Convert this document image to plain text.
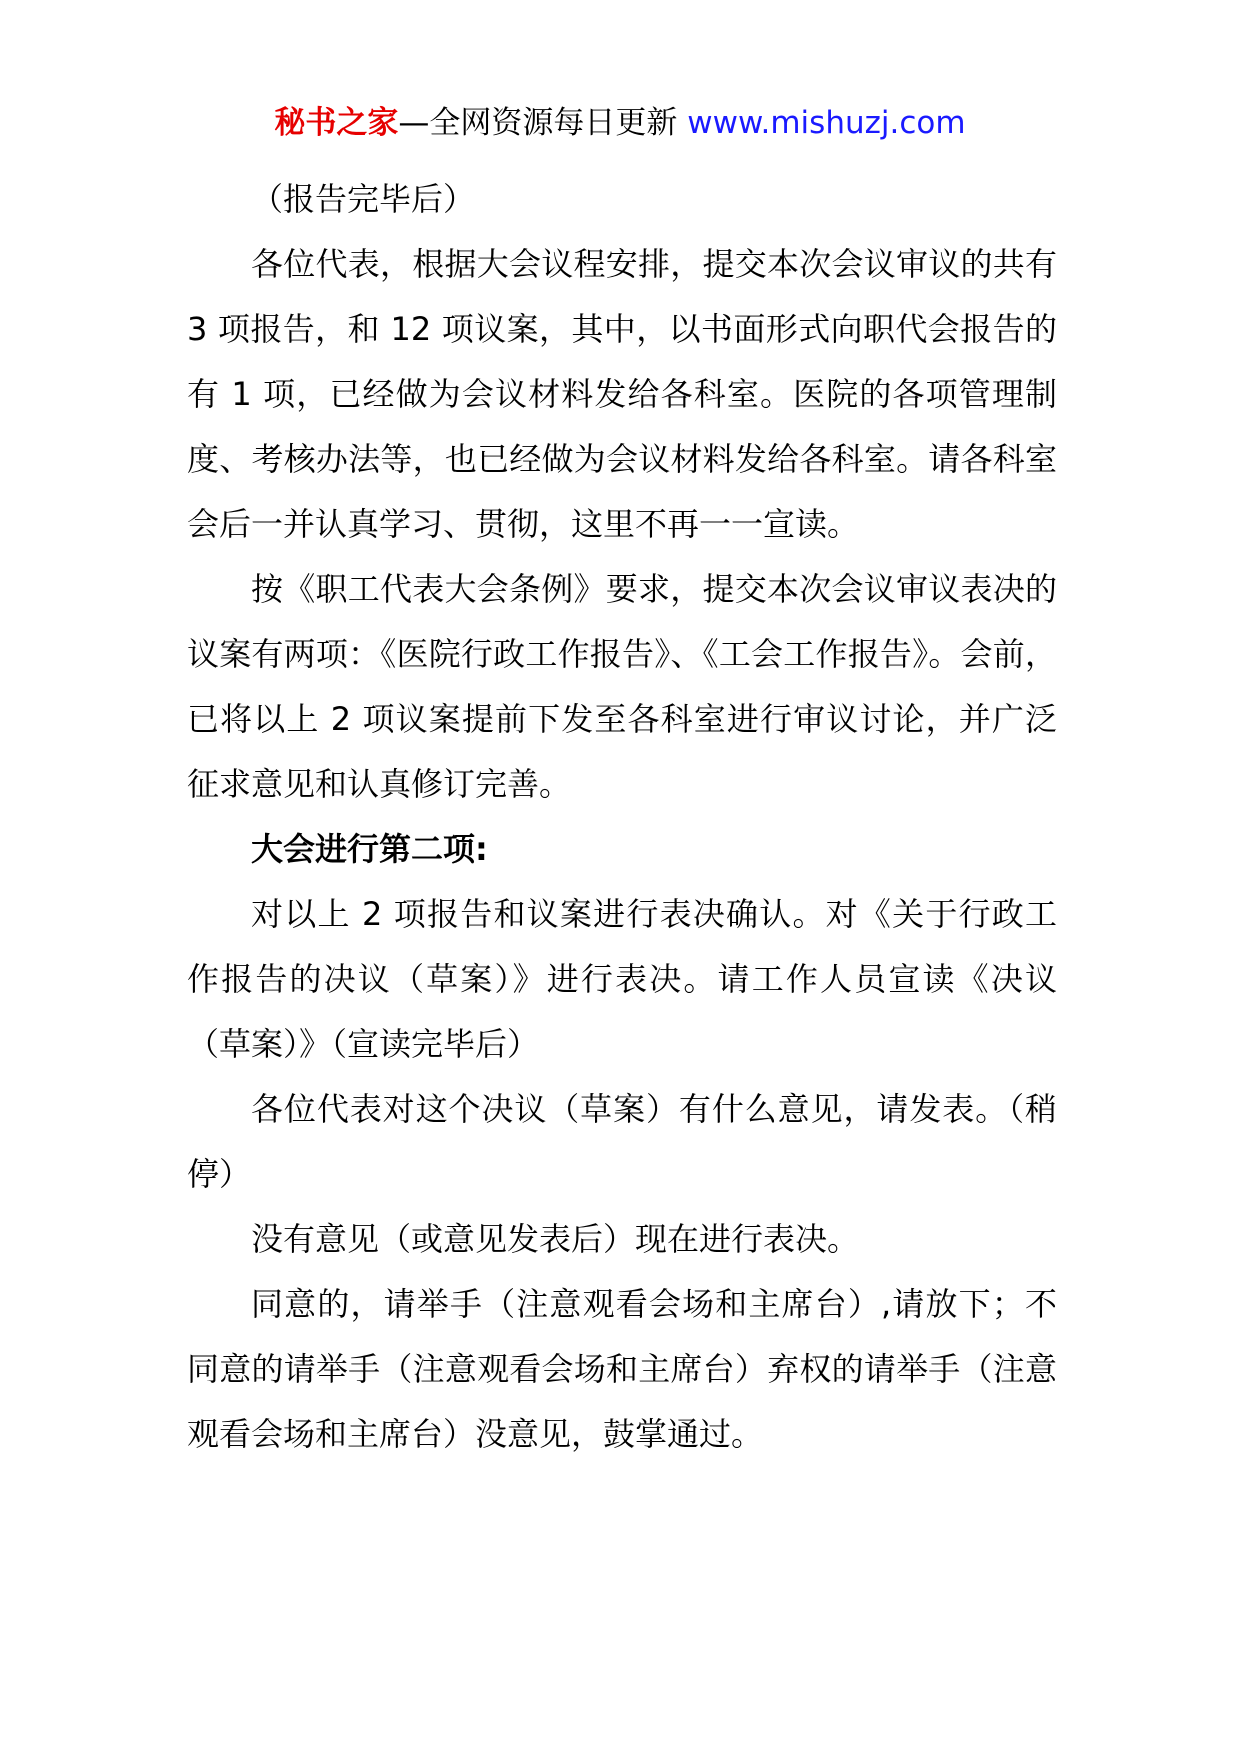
秘书之家—全网资源每日更新 www.mishuzj.com

（报告完毕后）

各位代表，根据大会议程安排，提交本次会议审议的共有 3 项报告，和 12 项议案，其中，以书面形式向职代会报告的有 1 项，已经做为会议材料发给各科室。医院的各项管理制度、考核办法等，也已经做为会议材料发给各科室。请各科室会后一并认真学习、贯彻，这里不再一一宣读。

按《职工代表大会条例》要求，提交本次会议审议表决的议案有两项：《医院行政工作报告》、《工会工作报告》。会前，已将以上 2 项议案提前下发至各科室进行审议讨论，并广泛征求意见和认真修订完善。

大会进行第二项:

对以上 2 项报告和议案进行表决确认。对《关于行政工作报告的决议（草案）》进行表决。请工作人员宣读《决议（草案）》（宣读完毕后）

各位代表对这个决议（草案）有什么意见，请发表。（稍停）

没有意见（或意见发表后）现在进行表决。

同意的，请举手（注意观看会场和主席台）,请放下；不同意的请举手（注意观看会场和主席台）弃权的请举手（注意观看会场和主席台）没意见，鼓掌通过。
